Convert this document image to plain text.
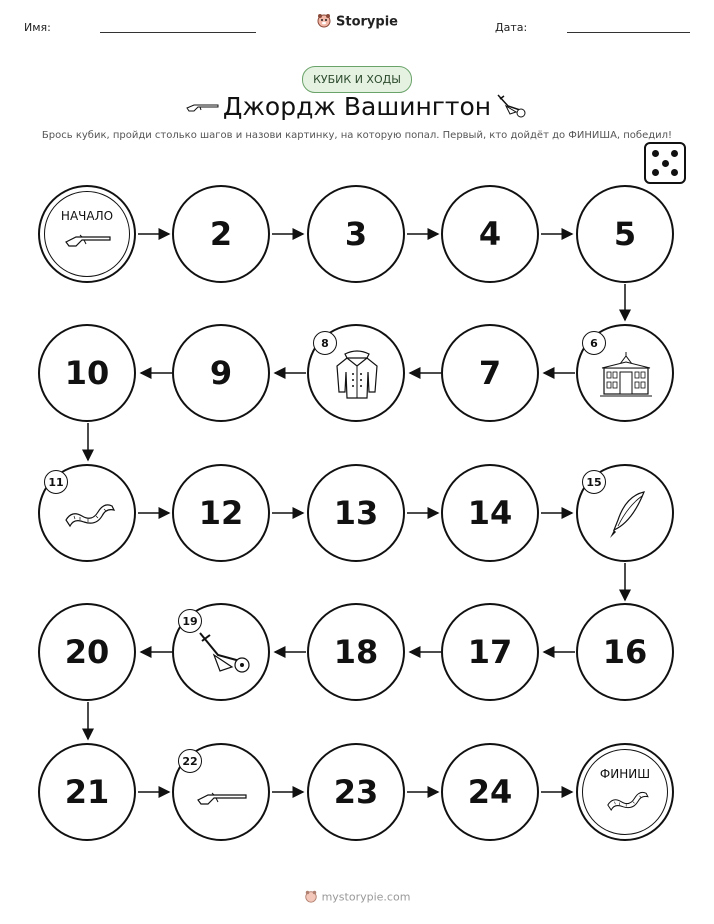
Имя:	Storypie	Дата:
КУБИК И ХОДЫ
Джордж Вашингтон
Брось кубик, пройди столько шагов и назови картинку, на которую попал. Первый, кто дойдёт до ФИНИША, победил!
НАЧАЛО	2	3	4	5
10	9
8
7
6
11
12	13	14
15
20
19
18	17	16
21
22
23	24	ФИНИШ
mystorypie.com
